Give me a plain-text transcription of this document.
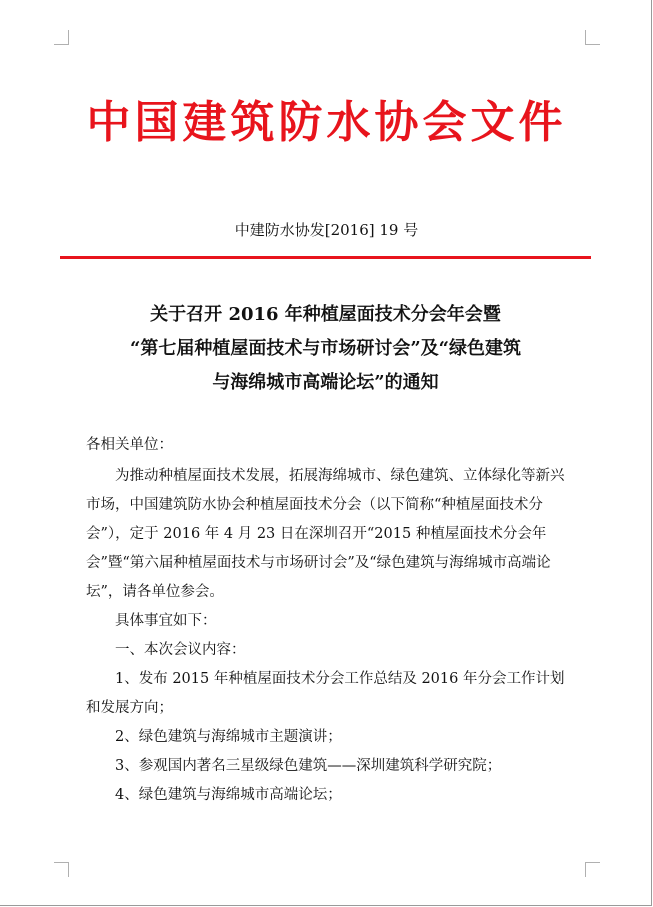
中国建筑防水协会文件
中建防水协发[2016] 19 号
关于召开 2016 年种植屋面技术分会年会暨
“第七届种植屋面技术与市场研讨会”及“绿色建筑
与海绵城市高端论坛”的通知

各相关单位：

为推动种植屋面技术发展，拓展海绵城市、绿色建筑、立体绿化等新兴市场，中国建筑防水协会种植屋面技术分会（以下简称“种植屋面技术分会”），定于 2016 年 4 月 23 日在深圳召开“2015 种植屋面技术分会年会”暨“第六届种植屋面技术与市场研讨会”及“绿色建筑与海绵城市高端论坛”，请各单位参会。

具体事宜如下：

一、本次会议内容：

1、发布 2015 年种植屋面技术分会工作总结及 2016 年分会工作计划和发展方向；

2、绿色建筑与海绵城市主题演讲；

3、参观国内著名三星级绿色建筑——深圳建筑科学研究院；

4、绿色建筑与海绵城市高端论坛；
